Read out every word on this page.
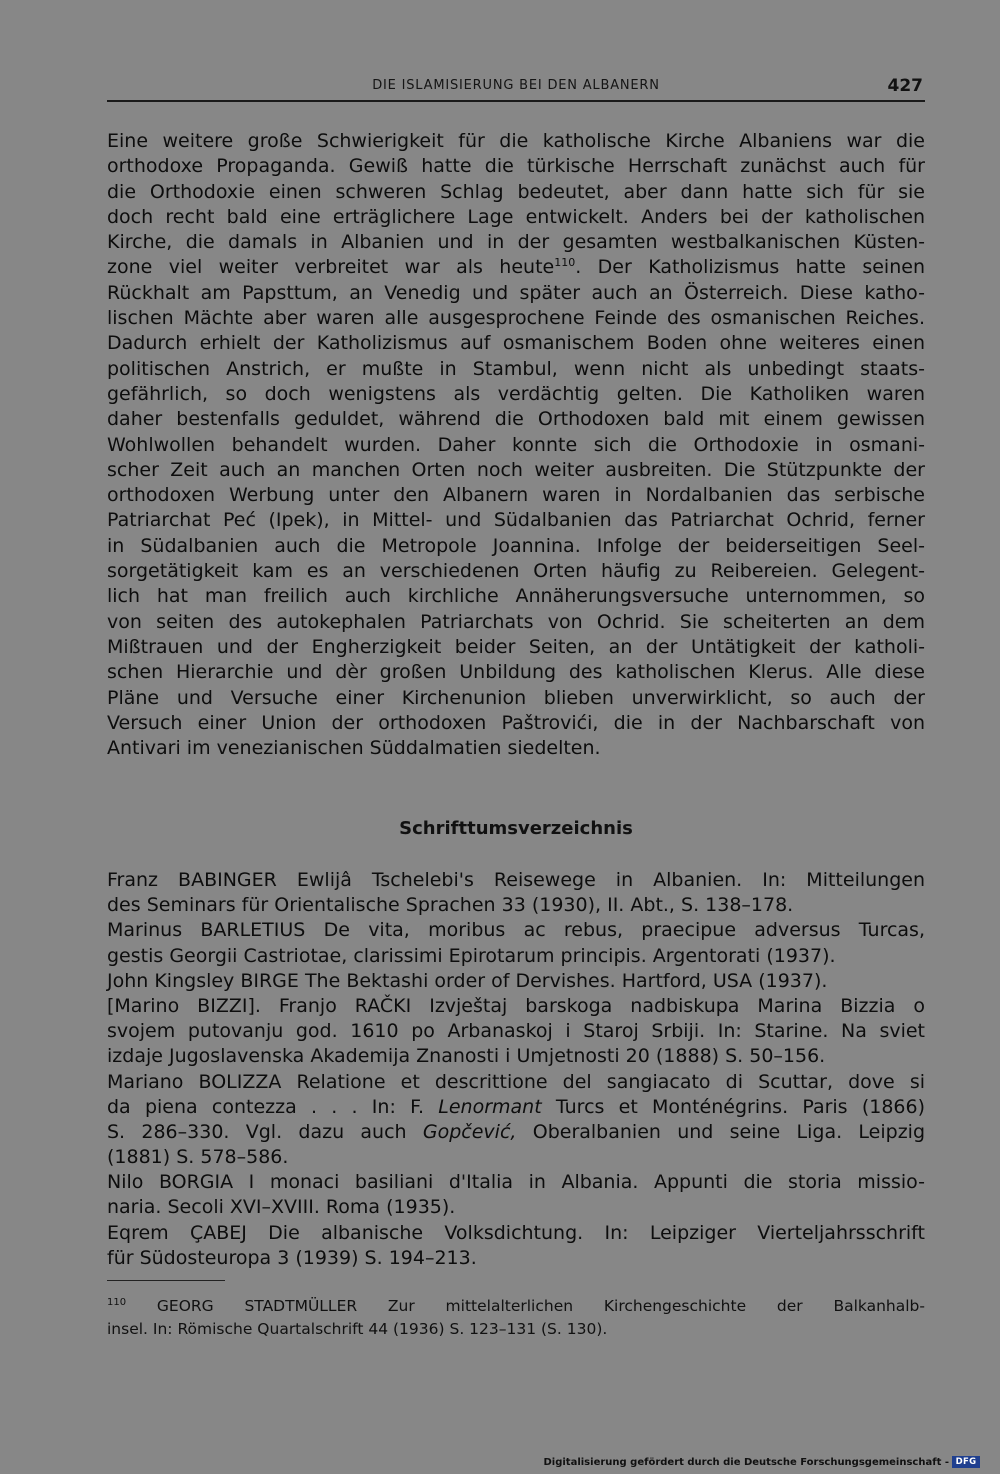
DIE ISLAMISIERUNG BEI DEN ALBANERN	427

Eine weitere große Schwierigkeit für die katholische Kirche Albaniens war die
orthodoxe Propaganda. Gewiß hatte die türkische Herrschaft zunächst auch für
die Orthodoxie einen schweren Schlag bedeutet, aber dann hatte sich für sie
doch recht bald eine erträglichere Lage entwickelt. Anders bei der katholischen
Kirche, die damals in Albanien und in der gesamten westbalkanischen Küsten-
zone viel weiter verbreitet war als heute$^{110}$. Der Katholizismus hatte seinen
Rückhalt am Papsttum, an Venedig und später auch an Österreich. Diese katho-
lischen Mächte aber waren alle ausgesprochene Feinde des osmanischen Reiches.
Dadurch erhielt der Katholizismus auf osmanischem Boden ohne weiteres einen
politischen Anstrich, er mußte in Stambul, wenn nicht als unbedingt staats-
gefährlich, so doch wenigstens als verdächtig gelten. Die Katholiken waren
daher bestenfalls geduldet, während die Orthodoxen bald mit einem gewissen
Wohlwollen behandelt wurden. Daher konnte sich die Orthodoxie in osmani-
scher Zeit auch an manchen Orten noch weiter ausbreiten. Die Stützpunkte der
orthodoxen Werbung unter den Albanern waren in Nordalbanien das serbische
Patriarchat Peć (Ipek), in Mittel- und Südalbanien das Patriarchat Ochrid, ferner
in Südalbanien auch die Metropole Joannina. Infolge der beiderseitigen Seel-
sorgetätigkeit kam es an verschiedenen Orten häufig zu Reibereien. Gelegent-
lich hat man freilich auch kirchliche Annäherungsversuche unternommen, so
von seiten des autokephalen Patriarchats von Ochrid. Sie scheiterten an dem
Mißtrauen und der Engherzigkeit beider Seiten, an der Untätigkeit der katholi-
schen Hierarchie und dèr großen Unbildung des katholischen Klerus. Alle diese
Pläne und Versuche einer Kirchenunion blieben unverwirklicht, so auch der
Versuch einer Union der orthodoxen Paštrovići, die in der Nachbarschaft von
Antivari im venezianischen Süddalmatien siedelten.

Schrifttumsverzeichnis
Franz BABINGER Ewlijâ Tschelebi's Reisewege in Albanien. In: Mitteilungen
des Seminars für Orientalische Sprachen 33 (1930), II. Abt., S. 138–178.
Marinus BARLETIUS De vita, moribus ac rebus, praecipue adversus Turcas,
gestis Georgii Castriotae, clarissimi Epirotarum principis. Argentorati (1937).
John Kingsley BIRGE The Bektashi order of Dervishes. Hartford, USA (1937).
[Marino BIZZI]. Franjo RAČKI Izvještaj barskoga nadbiskupa Marina Bizzia o
svojem putovanju god. 1610 po Arbanaskoj i Staroj Srbiji. In: Starine. Na sviet
izdaje Jugoslavenska Akademija Znanosti i Umjetnosti 20 (1888) S. 50–156.
Mariano BOLIZZA Relatione et descrittione del sangiacato di Scuttar, dove si
da piena contezza . . . In: F. Lenormant Turcs et Monténégrins. Paris (1866)
S. 286–330. Vgl. dazu auch Gopčević, Oberalbanien und seine Liga. Leipzig
(1881) S. 578–586.
Nilo BORGIA I monaci basiliani d'Italia in Albania. Appunti die storia missio-
naria. Secoli XVI–XVIII. Roma (1935).
Eqrem ÇABEJ Die albanische Volksdichtung. In: Leipziger Vierteljahrsschrift
für Südosteuropa 3 (1939) S. 194–213.
$^{110}$ GEORG STADTMÜLLER Zur mittelalterlichen Kirchengeschichte der Balkanhalb-
insel. In: Römische Quartalschrift 44 (1936) S. 123–131 (S. 130).
Digitalisierung gefördert durch die Deutsche Forschungsgemeinschaft - DFG
